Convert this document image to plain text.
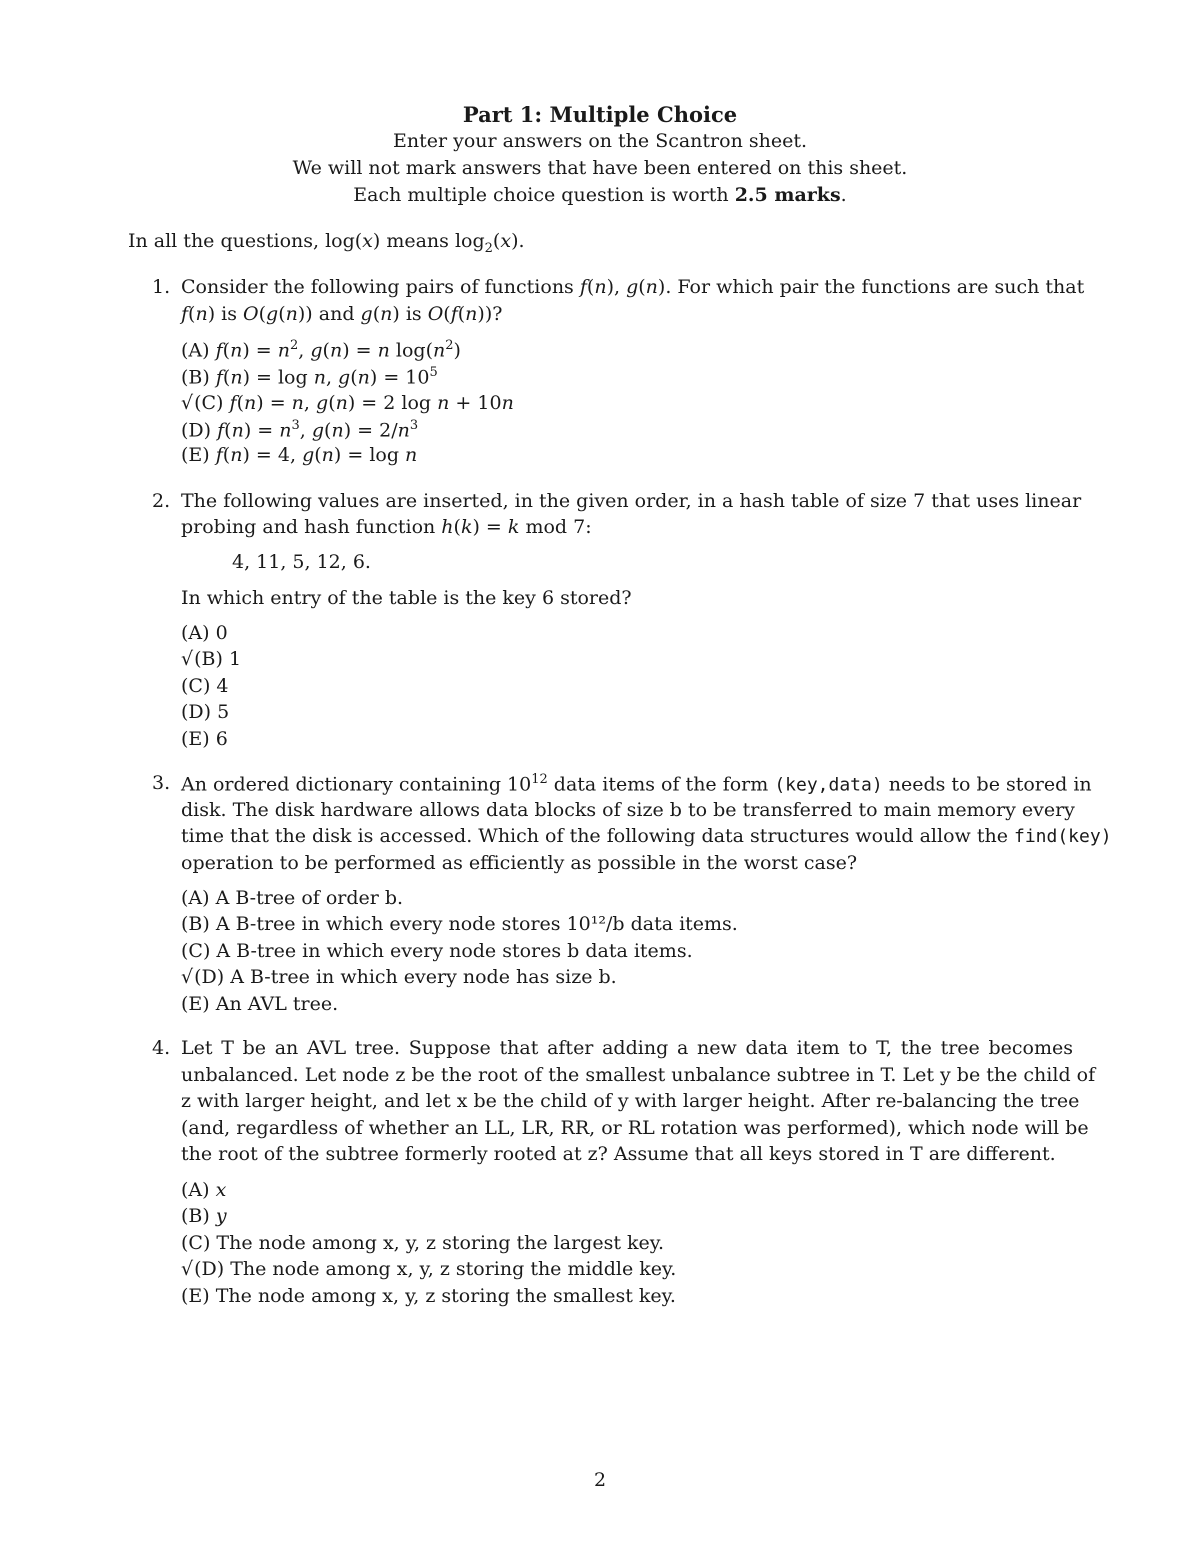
Part 1: Multiple Choice
Enter your answers on the Scantron sheet.
We will not mark answers that have been entered on this sheet.
Each multiple choice question is worth 2.5 marks.
In all the questions, log(x) means $\log_2(x)$.
1. Consider the following pairs of functions f(n), g(n). For which pair the functions are such that
f(n) is O(g(n)) and g(n) is O(f(n))?
(A) $f(n) = n^2$, g(n) = n $\log(n^2)$
(B) f(n) = log n, $g(n) = 10^5$
√(C) f(n) = n, g(n) = 2 log n + 10n
(D) $f(n) = n^3$, $g(n) = 2/n^3$
(E) f(n) = 4, g(n) = log n
2. The following values are inserted, in the given order, in a hash table of size 7 that uses linear
probing and hash function h(k) = k mod 7:
4, 11, 5, 12, 6.
In which entry of the table is the key 6 stored?
(A) 0
√(B) 1
(C) 4
(D) 5
(E) 6
3. An ordered dictionary containing $10^{12}$ data items of the form (key,data) needs to be stored in
disk. The disk hardware allows data blocks of size b to be transferred to main memory every
time that the disk is accessed. Which of the following data structures would allow the find(key)
operation to be performed as efficiently as possible in the worst case?
(A) A B-tree of order b.
(B) A B-tree in which every node stores 10¹²/b data items.
(C) A B-tree in which every node stores b data items.
√(D) A B-tree in which every node has size b.
(E) An AVL tree.
4. Let T be an AVL tree. Suppose that after adding a new data item to T, the tree becomes
unbalanced. Let node z be the root of the smallest unbalance subtree in T. Let y be the child of
z with larger height, and let x be the child of y with larger height. After re-balancing the tree
(and, regardless of whether an LL, LR, RR, or RL rotation was performed), which node will be
the root of the subtree formerly rooted at z? Assume that all keys stored in T are different.
(A) x
(B) y
(C) The node among x, y, z storing the largest key.
√(D) The node among x, y, z storing the middle key.
(E) The node among x, y, z storing the smallest key.
2
